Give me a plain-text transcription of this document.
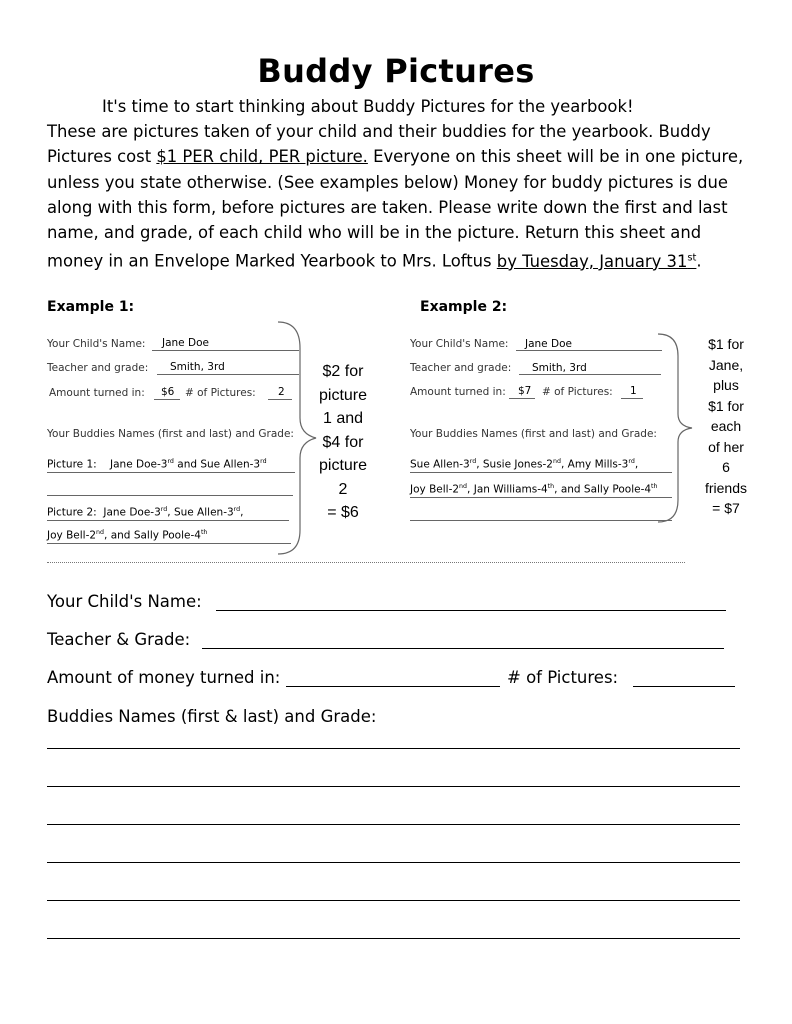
Buddy Pictures

It's time to start thinking about Buddy Pictures for the yearbook!

These are pictures taken of your child and their buddies for the yearbook. Buddy Pictures cost $1 PER child, PER picture. Everyone on this sheet will be in one picture, unless you state otherwise. (See examples below) Money for buddy pictures is due along with this form, before pictures are taken. Please write down the first and last name, and grade, of each child who will be in the picture. Return this sheet and money in an Envelope Marked Yearbook to Mrs. Loftus by Tuesday, January 31st.

Example 1:
Your Child's Name: Jane Doe
Teacher and grade: Smith, 3rd
Amount turned in: $6 # of Pictures: 2
Your Buddies Names (first and last) and Grade:
Picture 1: Jane Doe-3rd and Sue Allen-3rd
Picture 2: Jane Doe-3rd, Sue Allen-3rd,
Joy Bell-2nd, and Sally Poole-4th
$2 for
picture
1 and
$4 for
picture
2
= $6
Example 2:
Your Child's Name: Jane Doe
Teacher and grade: Smith, 3rd
Amount turned in: $7 # of Pictures: 1
Your Buddies Names (first and last) and Grade:
Sue Allen-3rd, Susie Jones-2nd, Amy Mills-3rd,
Joy Bell-2nd, Jan Williams-4th, and Sally Poole-4th
$1 for
Jane,
plus
$1 for
each
of her
6
friends
= $7
Your Child's Name:
Teacher & Grade:
Amount of money turned in:	# of Pictures:
Buddies Names (first & last) and Grade:
